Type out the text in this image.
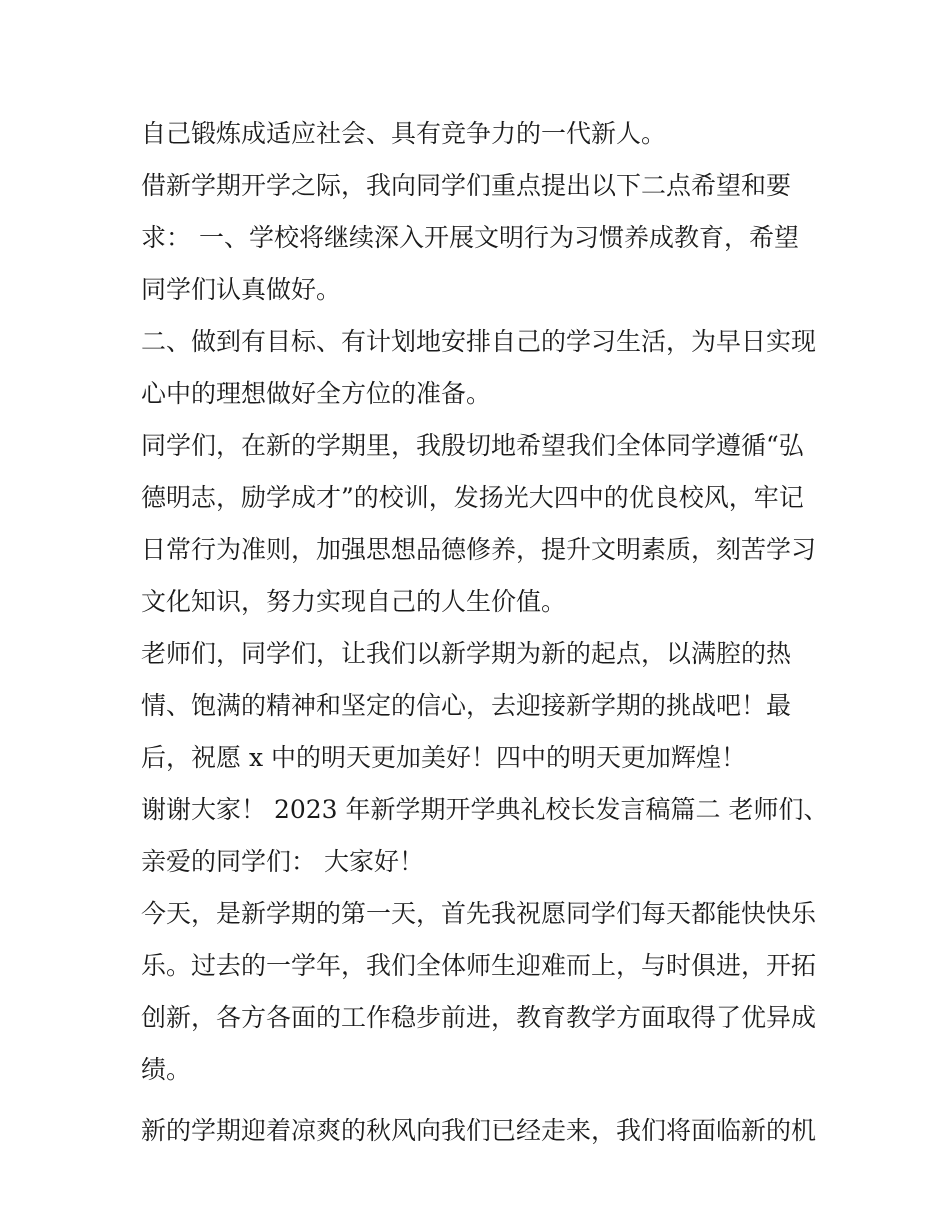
自己锻炼成适应社会、具有竞争力的一代新人。
借新学期开学之际，我向同学们重点提出以下二点希望和要
求： 一、学校将继续深入开展文明行为习惯养成教育，希望
同学们认真做好。
二、做到有目标、有计划地安排自己的学习生活，为早日实现
心中的理想做好全方位的准备。
同学们，在新的学期里，我殷切地希望我们全体同学遵循“弘
德明志，励学成才”的校训，发扬光大四中的优良校风，牢记
日常行为准则，加强思想品德修养，提升文明素质，刻苦学习
文化知识，努力实现自己的人生价值。
老师们，同学们，让我们以新学期为新的起点，以满腔的热
情、饱满的精神和坚定的信心，去迎接新学期的挑战吧！最
后，祝愿 x 中的明天更加美好！四中的明天更加辉煌！
谢谢大家！ 2023 年新学期开学典礼校长发言稿篇二 老师们、
亲爱的同学们： 大家好！
今天，是新学期的第一天，首先我祝愿同学们每天都能快快乐
乐。过去的一学年，我们全体师生迎难而上，与时俱进，开拓
创新，各方各面的工作稳步前进，教育教学方面取得了优异成
绩。
新的学期迎着凉爽的秋风向我们已经走来，我们将面临新的机
